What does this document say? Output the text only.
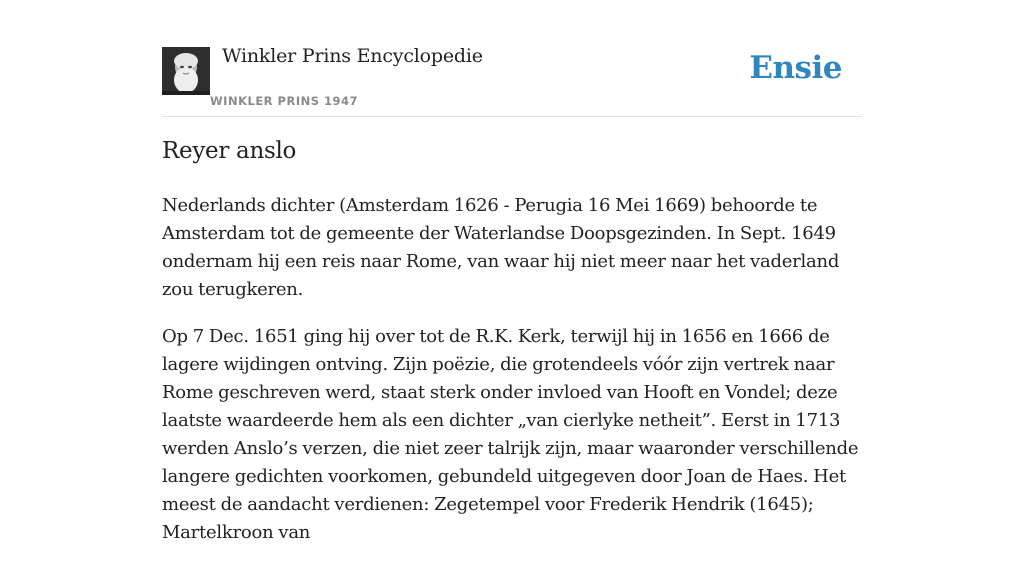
Winkler Prins Encyclopedie
WINKLER PRINS 1947
Ensie
Reyer anslo

Nederlands dichter (Amsterdam 1626 - Perugia 16 Mei 1669) behoorde te Amsterdam tot de gemeente der Waterlandse Doopsgezinden. In Sept. 1649 ondernam hij een reis naar Rome, van waar hij niet meer naar het vaderland zou terugkeren.

Op 7 Dec. 1651 ging hij over tot de R.K. Kerk, terwijl hij in 1656 en 1666 de lagere wijdingen ontving. Zijn poëzie, die grotendeels vóór zijn vertrek naar Rome geschreven werd, staat sterk onder invloed van Hooft en Vondel; deze laatste waardeerde hem als een dichter „van cierlyke netheit”. Eerst in 1713 werden Anslo’s verzen, die niet zeer talrijk zijn, maar waaronder verschillende langere gedichten voorkomen, gebundeld uitgegeven door Joan de Haes. Het meest de aandacht verdienen: Zegetempel voor Frederik Hendrik (1645); Martelkroon van
